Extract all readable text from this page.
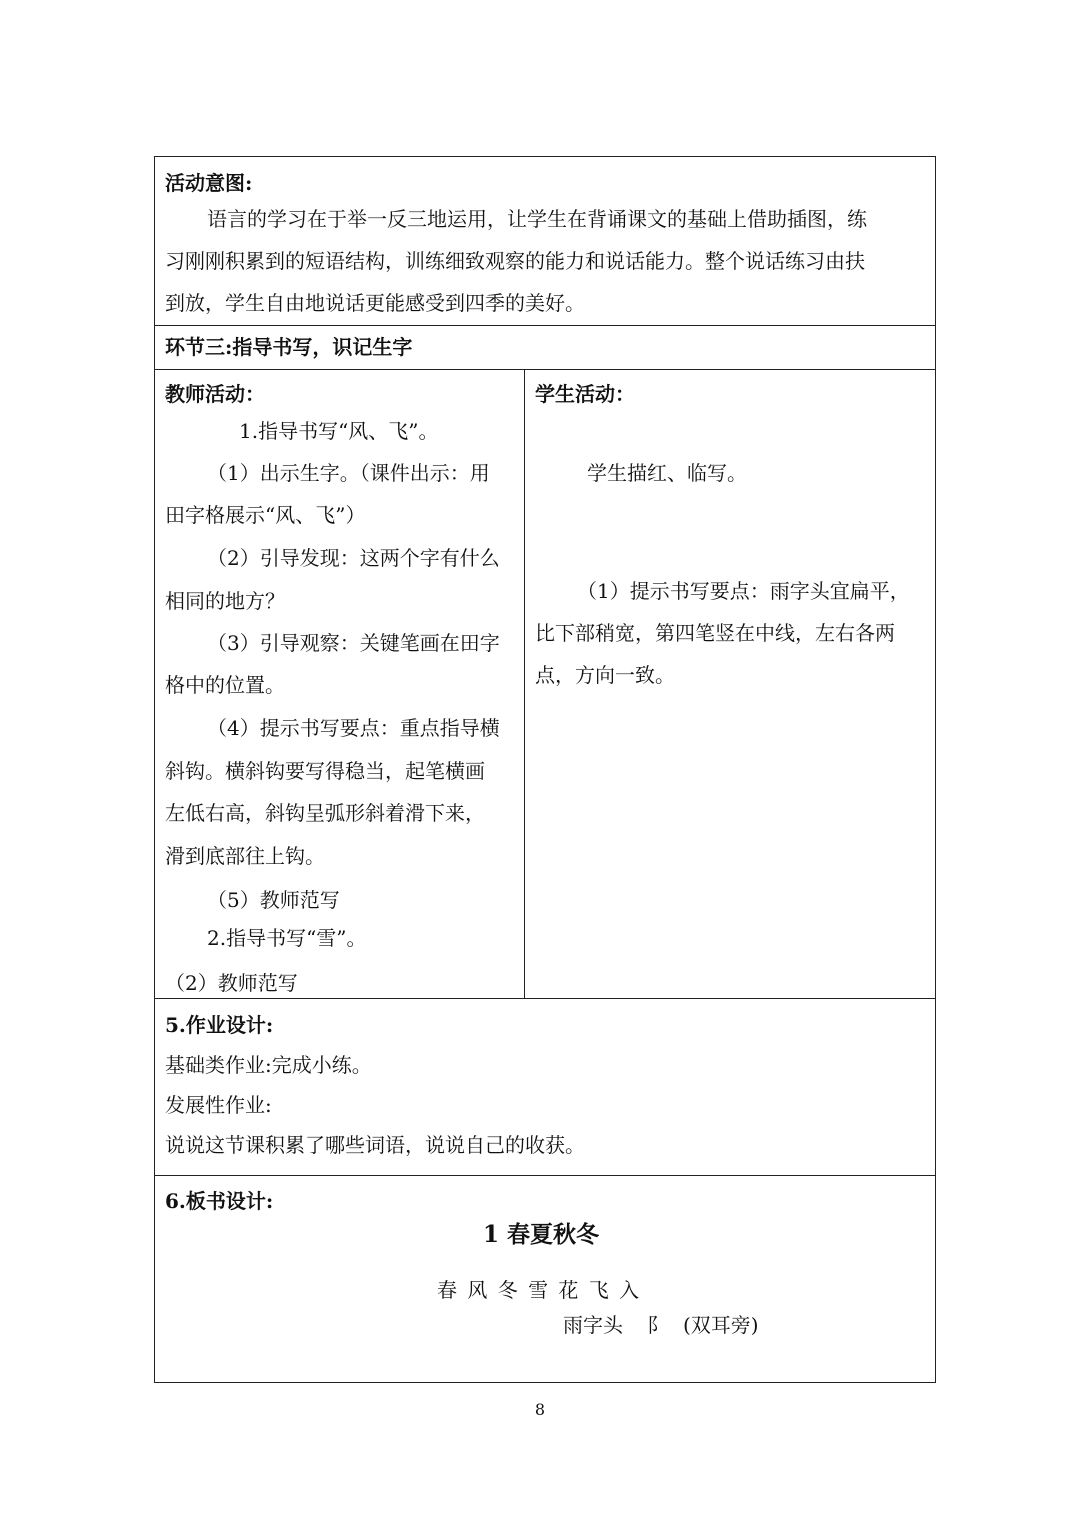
活动意图:
语言的学习在于举一反三地运用，让学生在背诵课文的基础上借助插图，练
习刚刚积累到的短语结构，训练细致观察的能力和说话能力。整个说话练习由扶
到放，学生自由地说话更能感受到四季的美好。
环节三:指导书写，识记生字
教师活动：
1.指导书写“风、飞”。
（1）出示生字。（课件出示：用
田字格展示“风、飞”）
（2）引导发现：这两个字有什么
相同的地方？
（3）引导观察：关键笔画在田字
格中的位置。
（4）提示书写要点：重点指导横
斜钩。横斜钩要写得稳当，起笔横画
左低右高，斜钩呈弧形斜着滑下来，
滑到底部往上钩。
（5）教师范写
2.指导书写“雪”。
（2）教师范写
学生活动：
学生描红、临写。
（1）提示书写要点：雨字头宜扁平，
比下部稍宽，第四笔竖在中线，左右各两
点，方向一致。
5.作业设计:
基础类作业:完成小练。
发展性作业:
说说这节课积累了哪些词语，说说自己的收获。
6.板书设计:
1 春夏秋冬
春 风 冬 雪 花 飞 入
雨字头 阝 (双耳旁)
8
